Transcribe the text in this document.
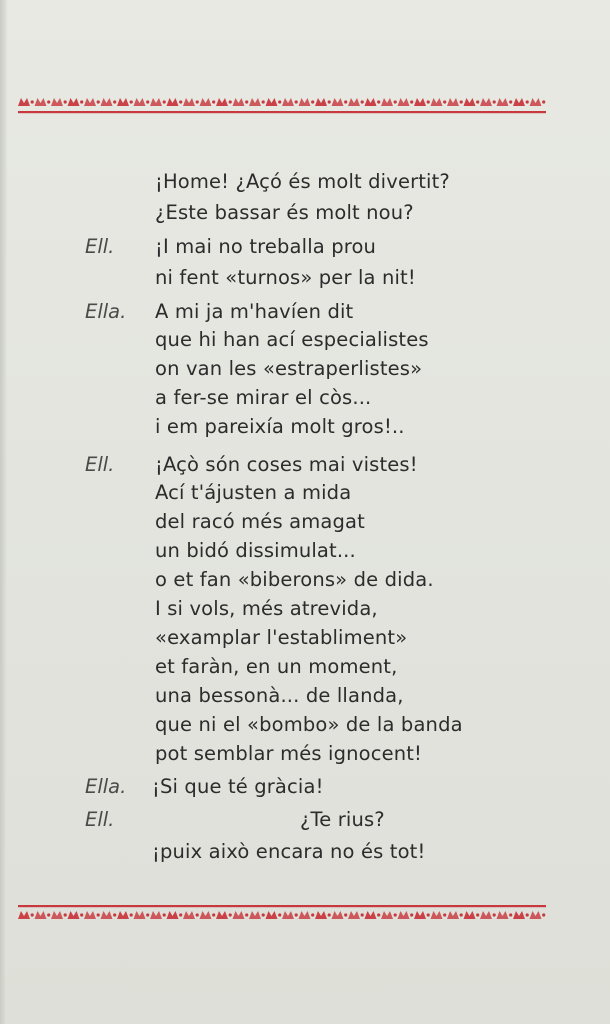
¡Home! ¿Açó és molt divertit?
¿Este bassar és molt nou?
Ell. ¡I mai no treballa prou
ni fent «turnos» per la nit!
Ella. A mi ja m'havíen dit
que hi han ací especialistes
on van les «estraperlistes»
a fer-se mirar el còs...
i em pareixía molt gros!..
Ell. ¡Açò són coses mai vistes!
Ací t'ájusten a mida
del racó més amagat
un bidó dissimulat...
o et fan «biberons» de dida.
I si vols, més atrevida,
«examplar l'establiment»
et faràn, en un moment,
una bessonà... de llanda,
que ni el «bombo» de la banda
pot semblar més ignocent!
Ella. ¡Si que té gràcia!
Ell.	¿Te rius?
¡puix això encara no és tot!
